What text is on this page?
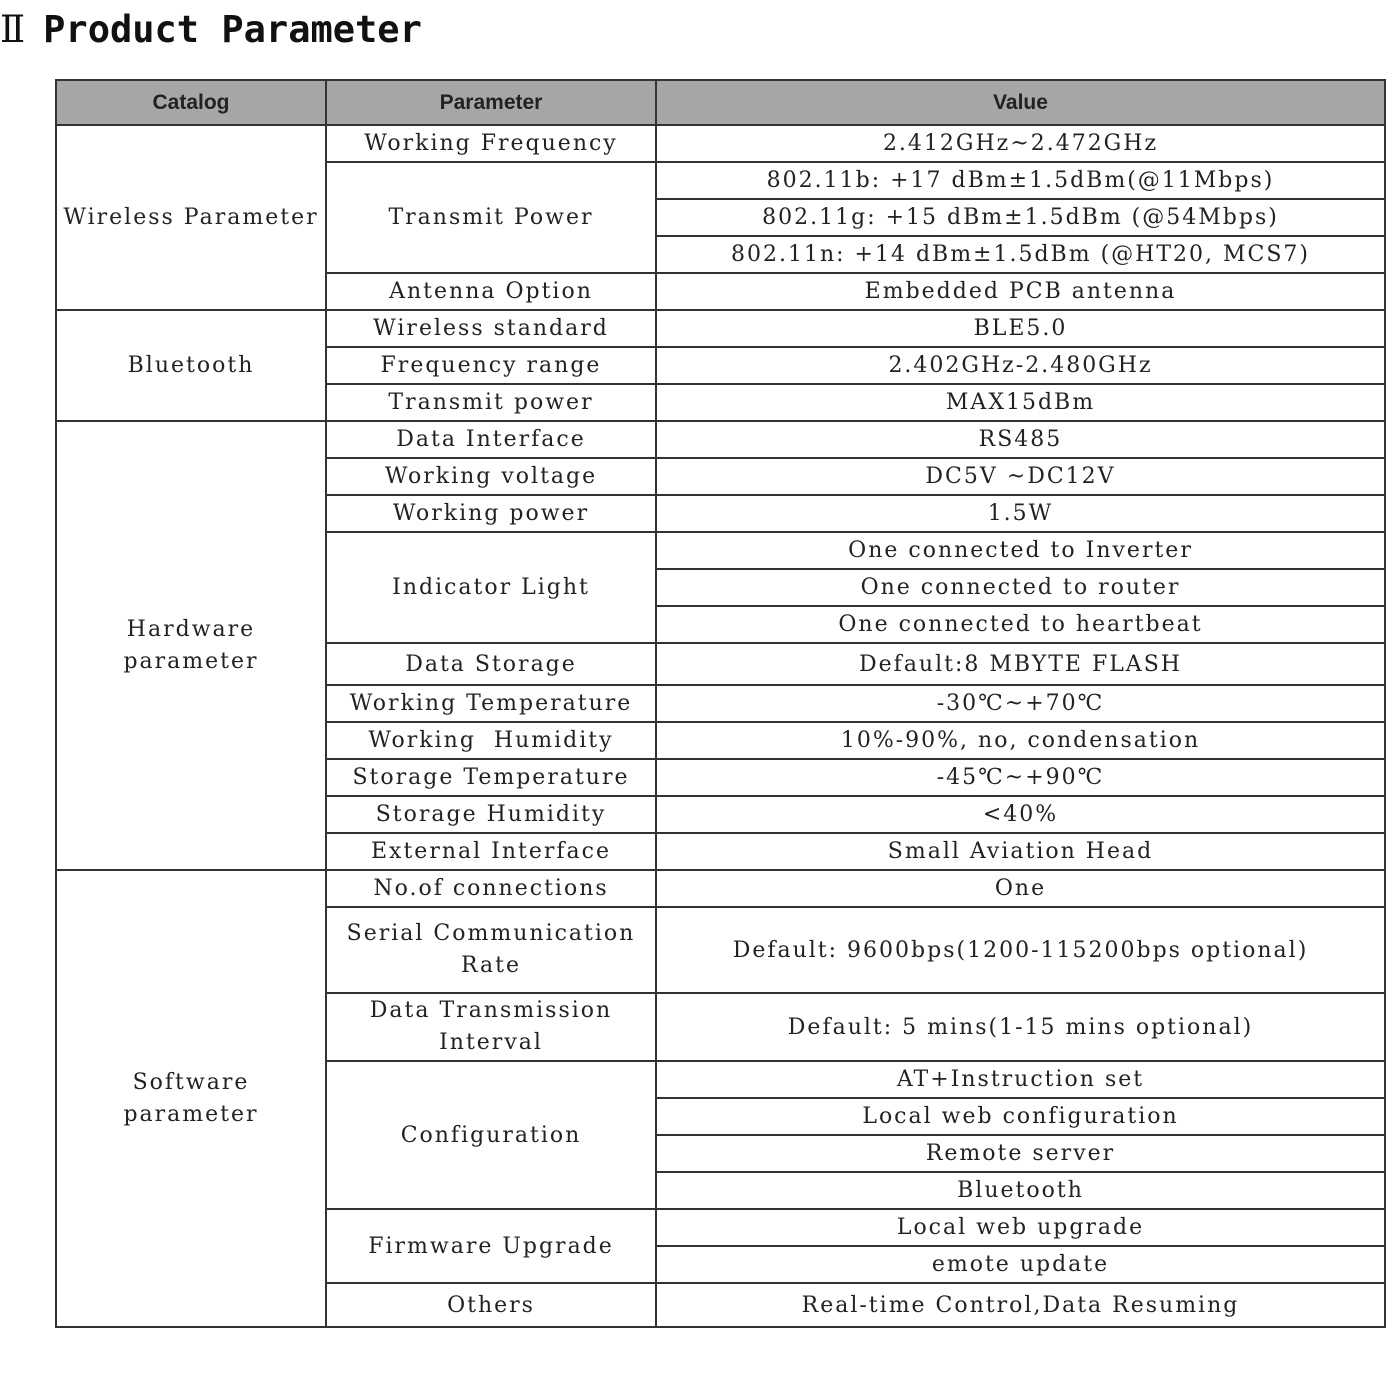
Ⅱ Product Parameter
Catalog	Parameter	Value
Wireless Parameter	Working Frequency	2.412GHz~2.472GHz
	Transmit Power	802.11b: +17 dBm±1.5dBm(@11Mbps)
		802.11g: +15 dBm±1.5dBm (@54Mbps)
		802.11n: +14 dBm±1.5dBm (@HT20, MCS7)
	Antenna Option	Embedded PCB antenna
Bluetooth	Wireless standard	BLE5.0
	Frequency range	2.402GHz-2.480GHz
	Transmit power	MAX15dBm
Hardware parameter	Data Interface	RS485
	Working voltage	DC5V ~DC12V
	Working power	1.5W
	Indicator Light	One connected to Inverter
		One connected to router
		One connected to heartbeat
	Data Storage	Default:8 MBYTE FLASH
	Working Temperature	-30℃~+70℃
	Working  Humidity	10%-90%, no, condensation
	Storage Temperature	-45℃~+90℃
	Storage Humidity	<40%
	External Interface	Small Aviation Head
Software parameter	No.of connections	One
	Serial Communication Rate	Default: 9600bps(1200-115200bps optional)
	Data Transmission Interval	Default: 5 mins(1-15 mins optional)
	Configuration	AT+Instruction set
		Local web configuration
		Remote server
		Bluetooth
	Firmware Upgrade	Local web upgrade
		emote update
	Others	Real-time Control,Data Resuming
